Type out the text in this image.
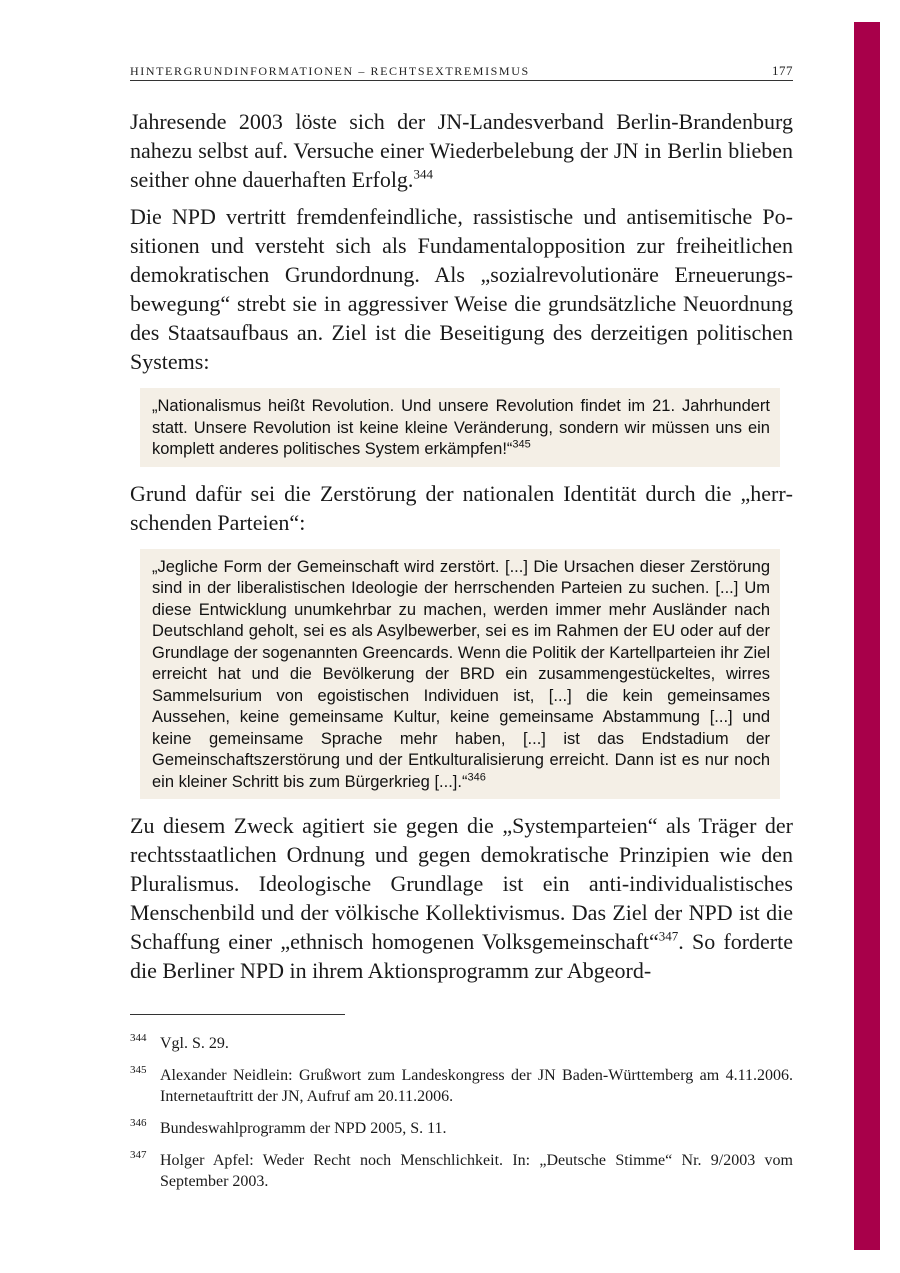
HINTERGRUNDINFORMATIONEN – RECHTSEXTREMISMUS	177

Jahresende 2003 löste sich der JN-Landesverband Berlin-Brandenburg nahezu selbst auf. Versuche einer Wiederbelebung der JN in Berlin blieben seither ohne dauerhaften Erfolg.$^{344}$

Die NPD vertritt fremdenfeindliche, rassistische und antisemitische Positionen und versteht sich als Fundamentalopposition zur freiheitlichen demokratischen Grundordnung. Als „sozialrevolutionäre Erneuerungsbewegung“ strebt sie in aggressiver Weise die grundsätzliche Neuordnung des Staatsaufbaus an. Ziel ist die Beseitigung des derzeitigen politischen Systems:

„Nationalismus heißt Revolution. Und unsere Revolution findet im 21. Jahrhundert statt. Unsere Revolution ist keine kleine Veränderung, sondern wir müssen uns ein komplett anderes politisches System erkämpfen!“$^{345}$

Grund dafür sei die Zerstörung der nationalen Identität durch die „herrschenden Parteien“:

„Jegliche Form der Gemeinschaft wird zerstört. [...] Die Ursachen dieser Zerstörung sind in der liberalistischen Ideologie der herrschenden Parteien zu suchen. [...] Um diese Entwicklung unumkehrbar zu machen, werden immer mehr Ausländer nach Deutschland geholt, sei es als Asylbewerber, sei es im Rahmen der EU oder auf der Grundlage der sogenannten Greencards. Wenn die Politik der Kartellparteien ihr Ziel erreicht hat und die Bevölkerung der BRD ein zusammengestückeltes, wirres Sammelsurium von egoistischen Individuen ist, [...] die kein gemeinsames Aussehen, keine gemeinsame Kultur, keine gemeinsame Abstammung [...] und keine gemeinsame Sprache mehr haben, [...] ist das Endstadium der Gemeinschaftszerstörung und der Entkulturalisierung erreicht. Dann ist es nur noch ein kleiner Schritt bis zum Bürgerkrieg [...].“$^{346}$

Zu diesem Zweck agitiert sie gegen die „Systemparteien“ als Träger der rechtsstaatlichen Ordnung und gegen demokratische Prinzipien wie den Pluralismus. Ideologische Grundlage ist ein anti-individualistisches Menschenbild und der völkische Kollektivismus. Das Ziel der NPD ist die Schaffung einer „ethnisch homogenen Volksgemeinschaft“$^{347}$. So forderte die Berliner NPD in ihrem Aktionsprogramm zur Abgeord-

344 Vgl. S. 29.
345 Alexander Neidlein: Grußwort zum Landeskongress der JN Baden-Württemberg am 4.11.2006. Internetauftritt der JN, Aufruf am 20.11.2006.
346 Bundeswahlprogramm der NPD 2005, S. 11.
347 Holger Apfel: Weder Recht noch Menschlichkeit. In: „Deutsche Stimme“ Nr. 9/2003 vom September 2003.
